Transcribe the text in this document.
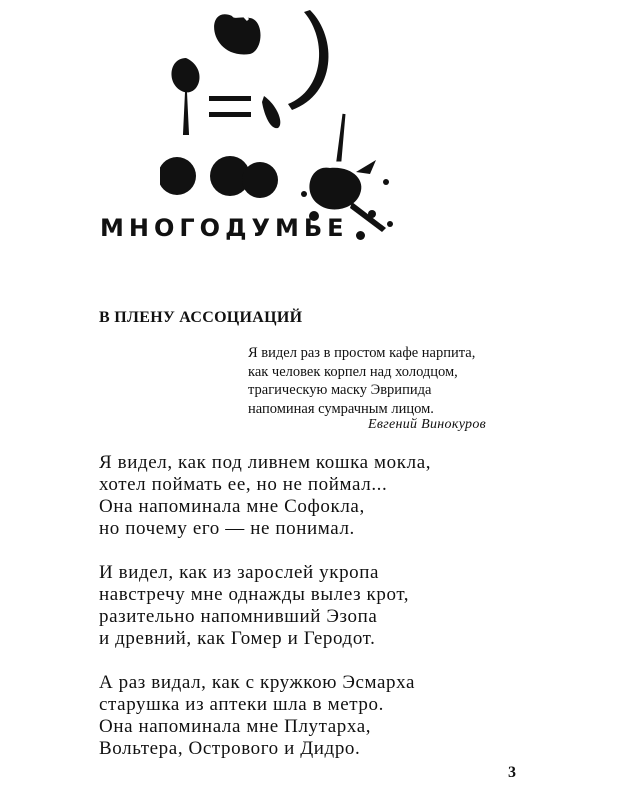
МНОГОДУМЬЕ
В ПЛЕНУ АССОЦИАЦИЙ
Я видел раз в простом кафе нарпита,
как человек корпел над холодцом,
трагическую маску Эврипида
напоминая сумрачным лицом.
Евгений Винокуров
Я видел, как под ливнем кошка мокла,
хотел поймать ее, но не поймал...
Она напоминала мне Софокла,
но почему его — не понимал.
И видел, как из зарослей укропа
навстречу мне однажды вылез крот,
разительно напомнивший Эзопа
и древний, как Гомер и Геродот.
А раз видал, как с кружкою Эсмарха
старушка из аптеки шла в метро.
Она напоминала мне Плутарха,
Вольтера, Острового и Дидро.
3
